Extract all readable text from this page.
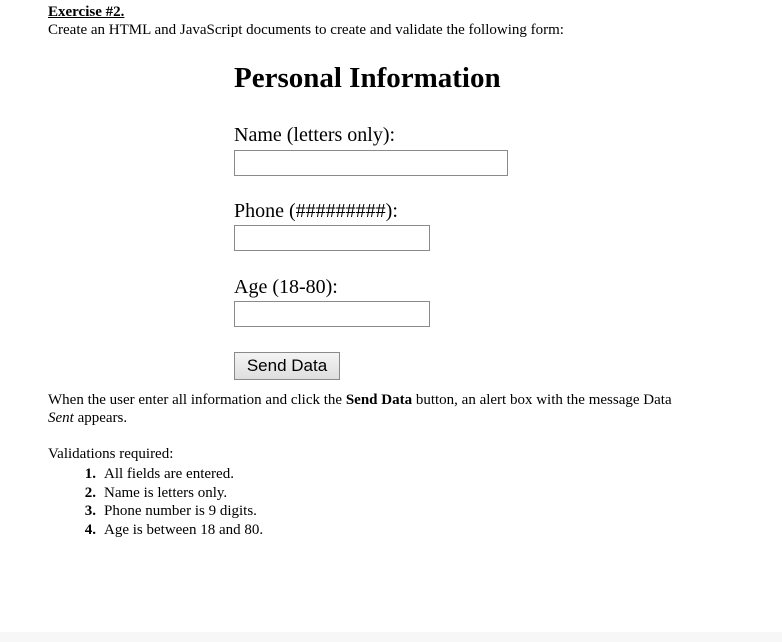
Exercise #2.
Create an HTML and JavaScript documents to create and validate the following form:
Personal Information
Name (letters only):
Phone (#########):
Age (18-80):
Send Data
When the user enter all information and click the Send Data button, an alert box with the message Data
Sent appears.
Validations required:
1. All fields are entered.
2. Name is letters only.
3. Phone number is 9 digits.
4. Age is between 18 and 80.
